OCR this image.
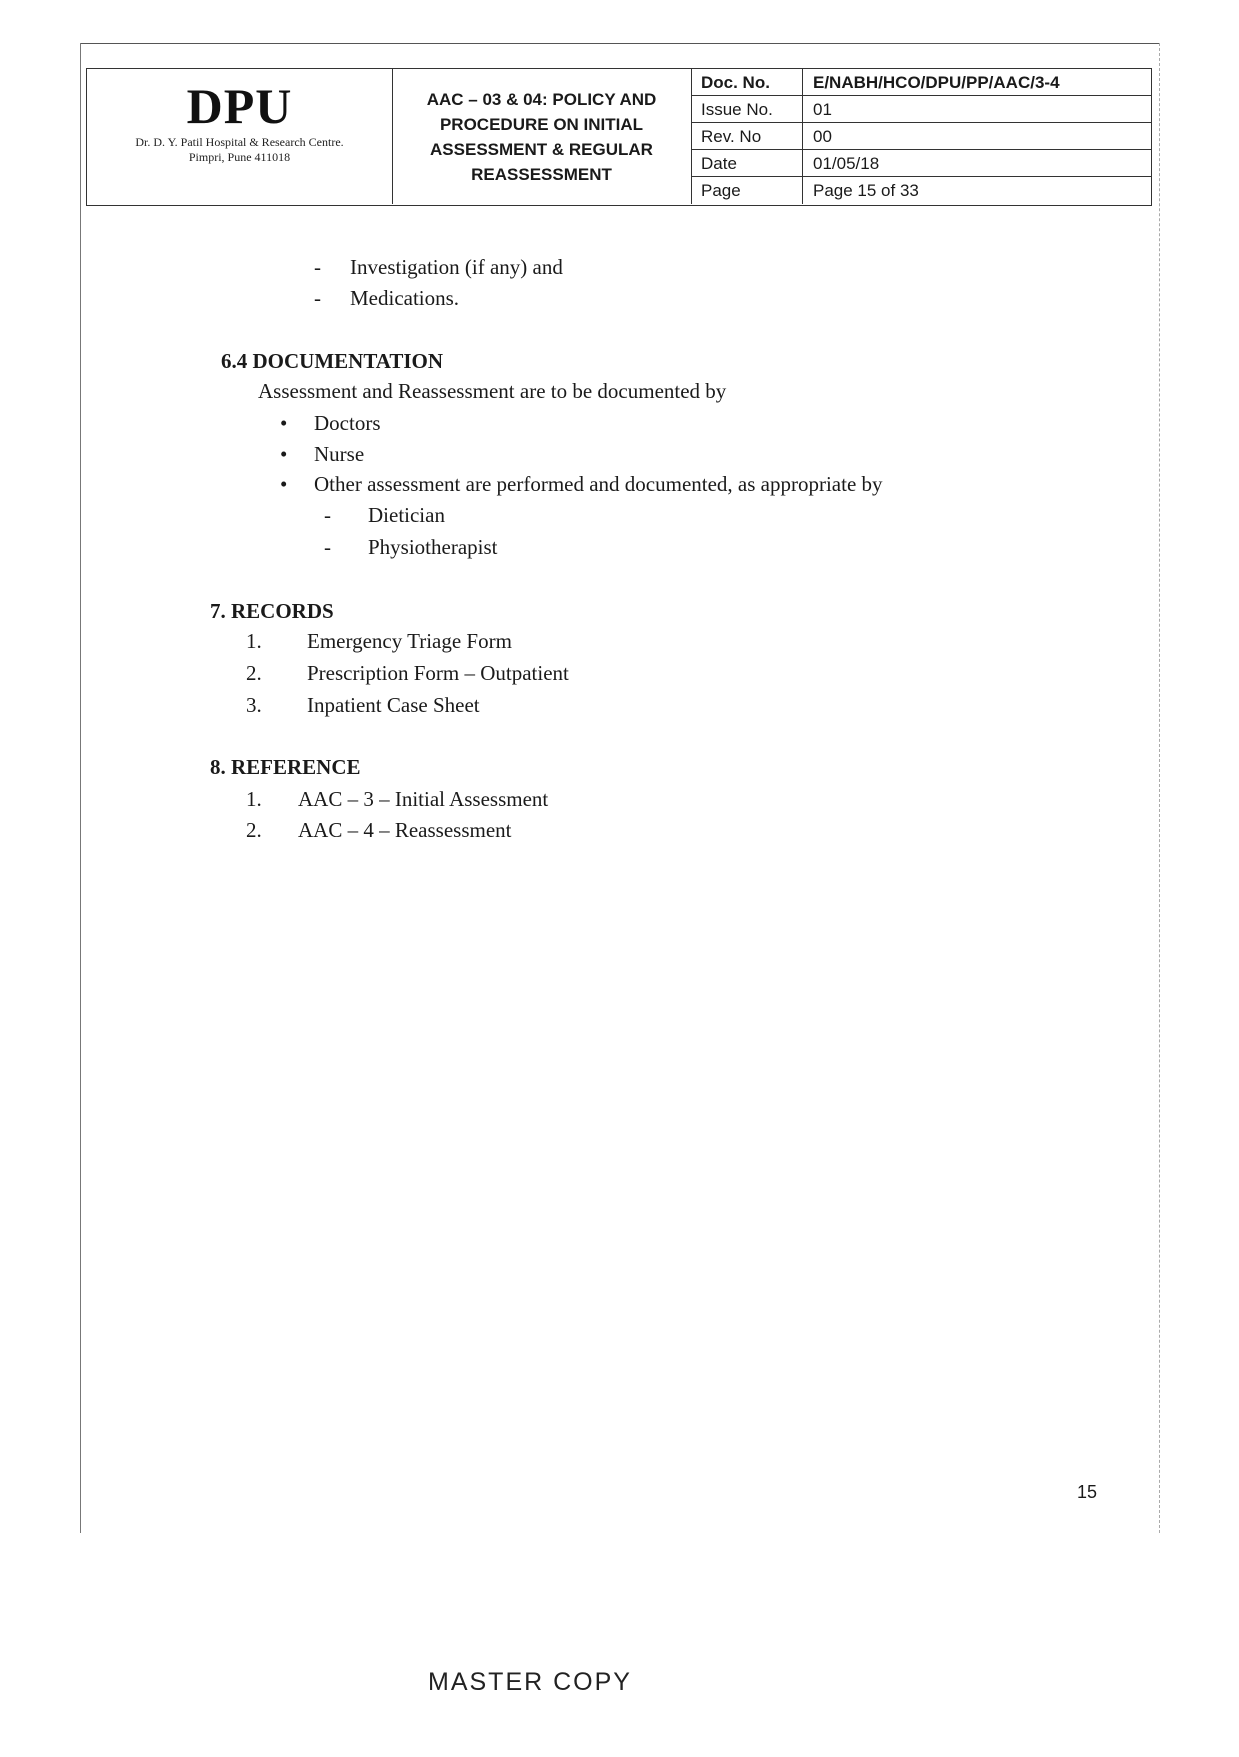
DPU
Dr. D. Y. Patil Hospital & Research Centre.
Pimpri, Pune 411018
AAC – 03 & 04: POLICY AND PROCEDURE ON INITIAL ASSESSMENT & REGULAR REASSESSMENT
Doc. No.	E/NABH/HCO/DPU/PP/AAC/3-4
Issue No.	01
Rev. No	00
Date	01/05/18
Page	Page 15 of 33
- Investigation (if any) and
- Medications.
6.4 DOCUMENTATION
Assessment and Reassessment are to be documented by
• Doctors
• Nurse
• Other assessment are performed and documented, as appropriate by
- Dietician
- Physiotherapist
7. RECORDS
1. Emergency Triage Form
2. Prescription Form – Outpatient
3. Inpatient Case Sheet
8. REFERENCE
1. AAC – 3 – Initial Assessment
2. AAC – 4 – Reassessment
15
MASTER COPY
